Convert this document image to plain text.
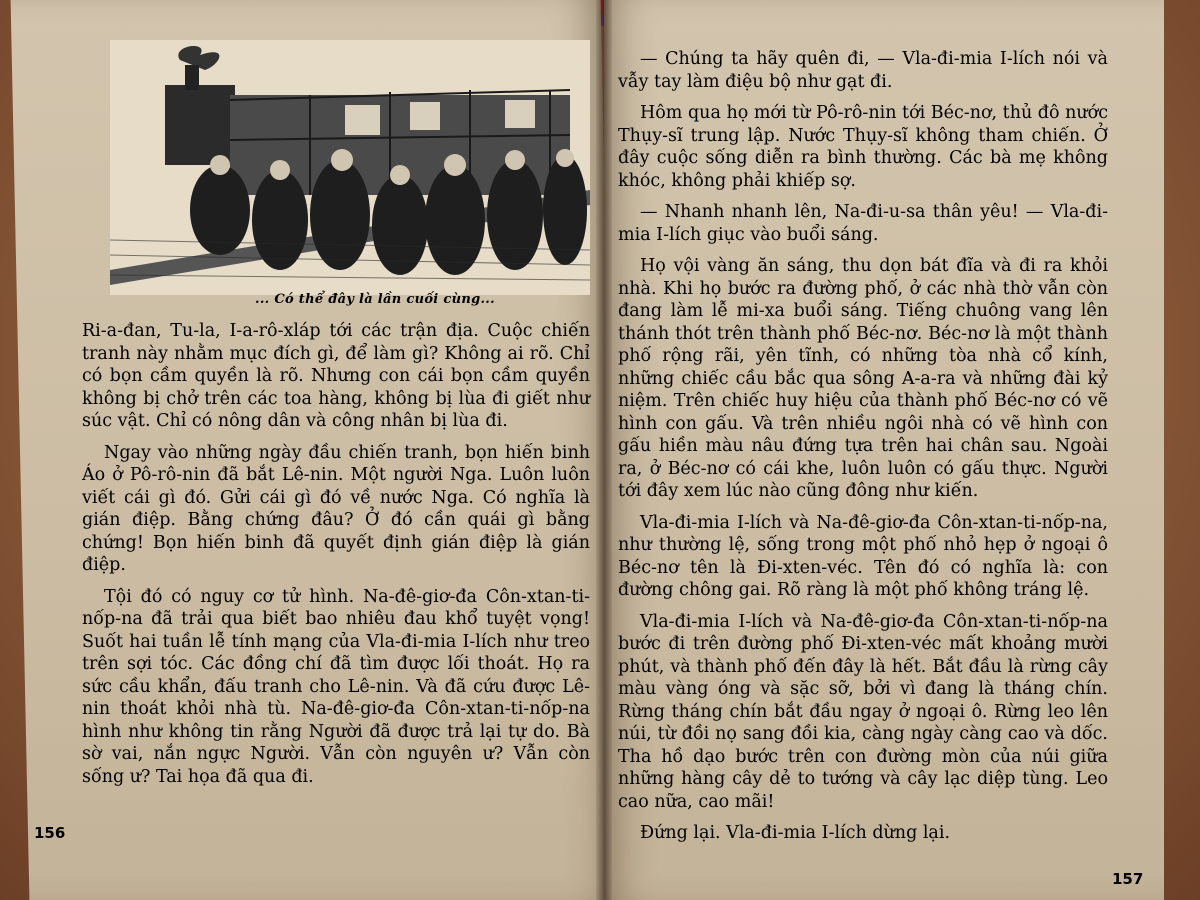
... Có thể đây là lần cuối cùng...

Ri-a-đan, Tu-la, I-a-rô-xláp tới các trận địa. Cuộc chiến tranh này nhằm mục đích gì, để làm gì? Không ai rõ. Chỉ có bọn cầm quyền là rõ. Nhưng con cái bọn cầm quyền không bị chở trên các toa hàng, không bị lùa đi giết như súc vật. Chỉ có nông dân và công nhân bị lùa đi.

Ngay vào những ngày đầu chiến tranh, bọn hiến binh Áo ở Pô-rô-nin đã bắt Lê-nin. Một người Nga. Luôn luôn viết cái gì đó. Gửi cái gì đó về nước Nga. Có nghĩa là gián điệp. Bằng chứng đâu? Ở đó cần quái gì bằng chứng! Bọn hiến binh đã quyết định gián điệp là gián điệp.

Tội đó có nguy cơ tử hình. Na-đê-giơ-đa Côn-xtan-ti-nốp-na đã trải qua biết bao nhiêu đau khổ tuyệt vọng! Suốt hai tuần lễ tính mạng của Vla-đi-mia I-lích như treo trên sợi tóc. Các đồng chí đã tìm được lối thoát. Họ ra sức cầu khẩn, đấu tranh cho Lê-nin. Và đã cứu được Lê-nin thoát khỏi nhà tù. Na-đê-giơ-đa Côn-xtan-ti-nốp-na hình như không tin rằng Người đã được trả lại tự do. Bà sờ vai, nắn ngực Người. Vẫn còn nguyên ư? Vẫn còn sống ư? Tai họa đã qua đi.

— Chúng ta hãy quên đi, — Vla-đi-mia I-lích nói và vẫy tay làm điệu bộ như gạt đi.

Hôm qua họ mới từ Pô-rô-nin tới Béc-nơ, thủ đô nước Thụy-sĩ trung lập. Nước Thụy-sĩ không tham chiến. Ở đây cuộc sống diễn ra bình thường. Các bà mẹ không khóc, không phải khiếp sợ.

— Nhanh nhanh lên, Na-đi-u-sa thân yêu! — Vla-đi-mia I-lích giục vào buổi sáng.

Họ vội vàng ăn sáng, thu dọn bát đĩa và đi ra khỏi nhà. Khi họ bước ra đường phố, ở các nhà thờ vẫn còn đang làm lễ mi-xa buổi sáng. Tiếng chuông vang lên thánh thót trên thành phố Béc-nơ. Béc-nơ là một thành phố rộng rãi, yên tĩnh, có những tòa nhà cổ kính, những chiếc cầu bắc qua sông A-a-ra và những đài kỷ niệm. Trên chiếc huy hiệu của thành phố Béc-nơ có vẽ hình con gấu. Và trên nhiều ngôi nhà có vẽ hình con gấu hiền màu nâu đứng tựa trên hai chân sau. Ngoài ra, ở Béc-nơ có cái khe, luôn luôn có gấu thực. Người tới đây xem lúc nào cũng đông như kiến.

Vla-đi-mia I-lích và Na-đê-giơ-đa Côn-xtan-ti-nốp-na, như thường lệ, sống trong một phố nhỏ hẹp ở ngoại ô Béc-nơ tên là Đi-xten-véc. Tên đó có nghĩa là: con đường chông gai. Rõ ràng là một phố không tráng lệ.

Vla-đi-mia I-lích và Na-đê-giơ-đa Côn-xtan-ti-nốp-na bước đi trên đường phố Đi-xten-véc mất khoảng mười phút, và thành phố đến đây là hết. Bắt đầu là rừng cây màu vàng óng và sặc sỡ, bởi vì đang là tháng chín. Rừng tháng chín bắt đầu ngay ở ngoại ô. Rừng leo lên núi, từ đồi nọ sang đồi kia, càng ngày càng cao và dốc. Tha hồ dạo bước trên con đường mòn của núi giữa những hàng cây dẻ to tướng và cây lạc diệp tùng. Leo cao nữa, cao mãi!

Đứng lại. Vla-đi-mia I-lích dừng lại.

156
157
